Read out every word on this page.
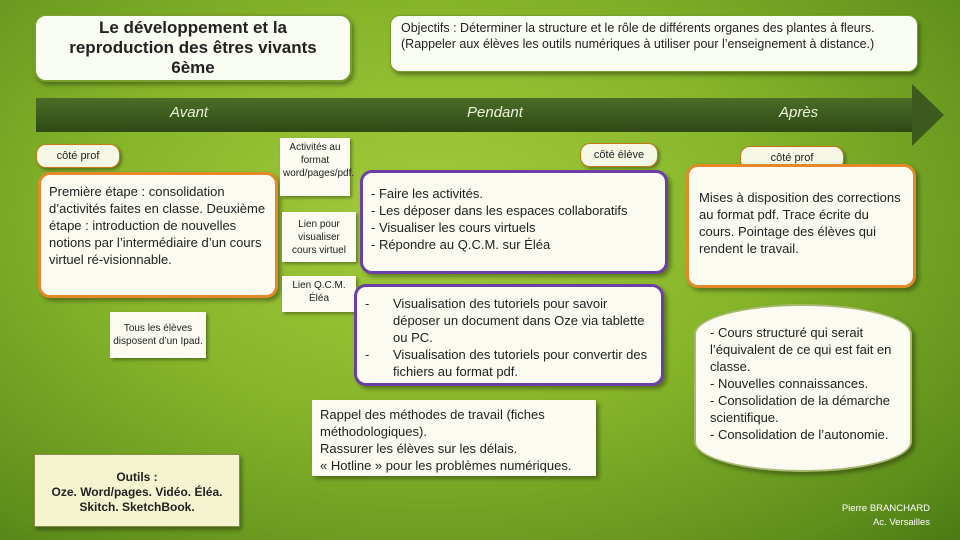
Le développement et la reproduction des êtres vivants 6ème
Objectifs : Déterminer la structure et le rôle de différents organes des plantes à fleurs. (Rappeler aux élèves les outils numériques à utiliser pour l’enseignement à distance.)
Avant	Pendant	Après
côté prof
Première étape : consolidation d’activités faites en classe. Deuxième étape : introduction de nouvelles notions par l’intermédiaire d’un cours virtuel ré-visionnable.
Tous les élèves disposent d’un Ipad.
Outils :
Oze. Word/pages. Vidéo. Éléa.
Skitch. SketchBook.
Activités au format word/pages/pdf.
Lien pour visualiser cours virtuel
Lien Q.C.M. Éléa
côté élève
- Faire les activités.
- Les déposer dans les espaces collaboratifs
- Visualiser les cours virtuels
- Répondre au Q.C.M. sur Éléa
-	Visualisation des tutoriels pour savoir déposer un document dans Oze via tablette ou PC.
-	Visualisation des tutoriels pour convertir des fichiers au format pdf.
Rappel des méthodes de travail (fiches méthodologiques).
Rassurer les élèves sur les délais.
« Hotline » pour les problèmes numériques.
côté prof
Mises à disposition des corrections au format pdf. Trace écrite du cours. Pointage des élèves qui rendent le travail.
- Cours structuré qui serait l’équivalent de ce qui est fait en classe.
- Nouvelles connaissances.
- Consolidation de la démarche scientifique.
- Consolidation de l’autonomie.
Pierre BRANCHARD
Ac. Versailles
